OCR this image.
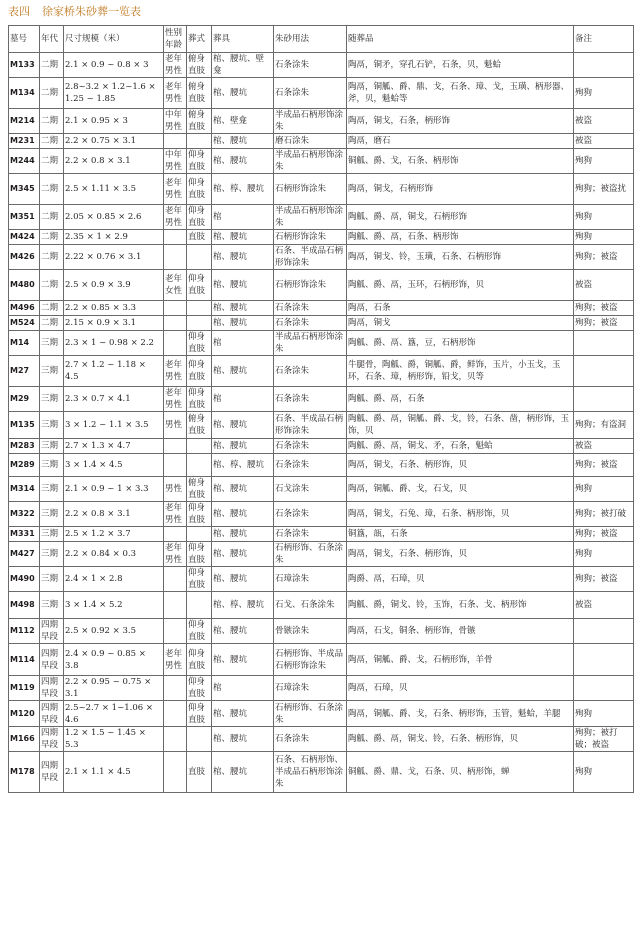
表四 徐家桥朱砂葬一览表
墓号	年代	尺寸规模（米）	性别年龄	葬式	葬具	朱砂用法	随葬品	备注
M133	二期	2.1 × 0.9 ~ 0.8 × 3	老年男性	俯身直肢	棺、腰坑、壁龛	石条涂朱	陶鬲，铜矛，穿孔石铲，石条，贝，魁蛤	
M134	二期	2.8~3.2 × 1.2~1.6 × 1.25 ~ 1.85	老年男性	俯身直肢	棺、腰坑	石条涂朱	陶鬲，铜觚、爵、鼎、戈，石条、璋、戈，玉璜、柄形器、斧，贝，魁蛤等	殉狗
M214	二期	2.1 × 0.95 × 3	中年男性	俯身直肢	棺、壁龛	半成品石柄形饰涂朱	陶鬲，铜戈，石条，柄形饰	被盗
M231	二期	2.2 × 0.75 × 3.1			棺、腰坑	磨石涂朱	陶鬲，磨石	被盗
M244	二期	2.2 × 0.8 × 3.1	中年男性	仰身直肢	棺、腰坑	半成品石柄形饰涂朱	铜觚、爵、戈，石条、柄形饰	殉狗
M345	二期	2.5 × 1.11 × 3.5	老年男性	仰身直肢	棺、椁、腰坑	石柄形饰涂朱	陶鬲，铜戈，石柄形饰	殉狗；被盗扰
M351	二期	2.05 × 0.85 × 2.6	老年男性	仰身直肢	棺	半成品石柄形饰涂朱	陶觚、爵、鬲，铜戈，石柄形饰	殉狗
M424	二期	2.35 × 1 × 2.9		直肢	棺、腰坑	石柄形饰涂朱	陶觚、爵、鬲，石条、柄形饰	殉狗
M426	二期	2.22 × 0.76 × 3.1			棺、腰坑	石条、半成品石柄形饰涂朱	陶鬲，铜戈、铃，玉璜，石条、石柄形饰	殉狗；被盗
M480	二期	2.5 × 0.9 × 3.9	老年女性	仰身直肢	棺、腰坑	石柄形饰涂朱	陶觚、爵、鬲，玉环，石柄形饰，贝	被盗
M496	二期	2.2 × 0.85 × 3.3			棺、腰坑	石条涂朱	陶鬲，石条	殉狗；被盗
M524	二期	2.15 × 0.9 × 3.1			棺、腰坑	石条涂朱	陶鬲，铜戈	殉狗；被盗
M14	三期	2.3 × 1 ~ 0.98 × 2.2		仰身直肢	棺	半成品石柄形饰涂朱	陶觚、爵、鬲、簋，豆，石柄形饰	
M27	三期	2.7 × 1.2 ~ 1.18 × 4.5	老年男性	仰身直肢	棺、腰坑	石条涂朱	牛腿骨，陶觚、爵，铜觚、爵，鲜饰，玉片，小玉戈，玉环，石条、璋，柄形饰，铅戈，贝等	
M29	三期	2.3 × 0.7 × 4.1	老年男性	仰身直肢	棺	石条涂朱	陶觚、爵、鬲，石条	
M135	三期	3 × 1.2 ~ 1.1 × 3.5	男性	俯身直肢	棺、腰坑	石条、半成品石柄形饰涂朱	陶觚、爵、鬲，铜觚、爵、戈，铃，石条、凿，柄形饰，玉饰，贝	殉狗；有盗洞
M283	三期	2.7 × 1.3 × 4.7			棺、腰坑	石条涂朱	陶觚、爵、鬲，铜戈、矛，石条，魁蛤	被盗
M289	三期	3 × 1.4 × 4.5			棺、椁、腰坑	石条涂朱	陶鬲，铜戈，石条、柄形饰，贝	殉狗；被盗
M314	三期	2.1 × 0.9 ~ 1 × 3.3	男性	俯身直肢	棺、腰坑	石戈涂朱	陶鬲，铜觚、爵、戈，石戈，贝	殉狗
M322	三期	2.2 × 0.8 × 3.1	老年男性	仰身直肢	棺、腰坑	石条涂朱	陶鬲，铜戈，石兔、璋，石条、柄形饰，贝	殉狗；被打破
M331	三期	2.5 × 1.2 × 3.7			棺、腰坑	石条涂朱	铜簋，瓿，石条	殉狗；被盗
M427	三期	2.2 × 0.84 × 0.3	老年男性	仰身直肢	棺、腰坑	石柄形饰、石条涂朱	陶鬲，铜戈，石条、柄形饰，贝	殉狗
M490	三期	2.4 × 1 × 2.8		仰身直肢	棺、腰坑	石璋涂朱	陶爵、鬲，石璋，贝	殉狗；被盗
M498	三期	3 × 1.4 × 5.2			棺、椁、腰坑	石戈、石条涂朱	陶觚、爵，铜戈、铃，玉饰，石条、戈、柄形饰	被盗
M112	四期早段	2.5 × 0.92 × 3.5		仰身直肢	棺、腰坑	骨镞涂朱	陶鬲，石戈，铜条、柄形饰，骨镞	
M114	四期早段	2.4 × 0.9 ~ 0.85 × 3.8	老年男性	仰身直肢	棺、腰坑	石柄形饰、半成品石柄形饰涂朱	陶鬲，铜觚、爵、戈，石柄形饰，羊骨	
M119	四期早段	2.2 × 0.95 ~ 0.75 × 3.1		仰身直肢	棺	石璋涂朱	陶鬲，石璋，贝	
M120	四期早段	2.5~2.7 × 1~1.06 × 4.6		仰身直肢	棺、腰坑	石柄形饰、石条涂朱	陶鬲，铜觚、爵、戈，石条、柄形饰，玉管，魁蛤，羊腿	殉狗
M166	四期早段	1.2 × 1.5 ~ 1.45 × 5.3			棺、腰坑	石条涂朱	陶觚、爵、鬲，铜戈、铃，石条、柄形饰，贝	殉狗；被打破；被盗
M178	四期早段	2.1 × 1.1 × 4.5		直肢	棺、腰坑	石条、石柄形饰、半成品石柄形饰涂朱	铜觚、爵、鼎、戈，石条、贝、柄形饰，蝉	殉狗
